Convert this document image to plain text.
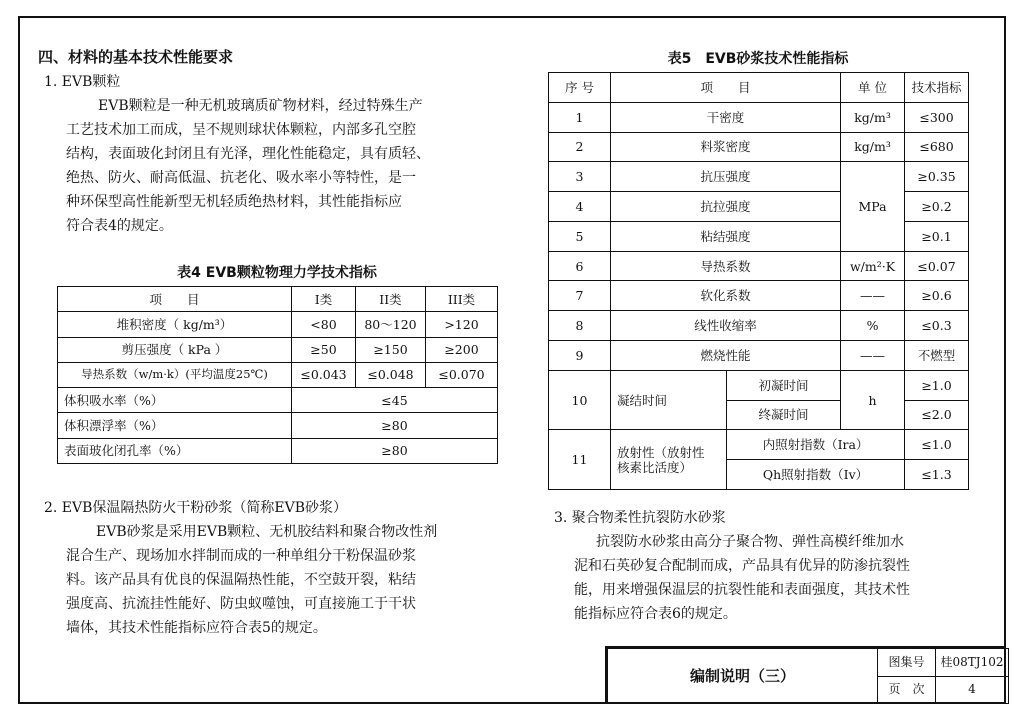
四、材料的基本技术性能要求
1. EVB颗粒
EVB颗粒是一种无机玻璃质矿物材料，经过特殊生产
工艺技术加工而成，呈不规则球状体颗粒，内部多孔空腔
结构，表面玻化封闭且有光泽，理化性能稳定，具有质轻、
绝热、防火、耐高低温、抗老化、吸水率小等特性，是一
种环保型高性能新型无机轻质绝热材料，其性能指标应
符合表4的规定。
表4 EVB颗粒物理力学技术指标
项　　目	I类	II类	III类
堆积密度（ kg/m³）	<80	80～120	>120
剪压强度（ kPa ）	≥50	≥150	≥200
导热系数（w/m·k）(平均温度25℃)	≤0.043	≤0.048	≤0.070
体积吸水率（%）	≤45		
体积漂浮率（%）	≥80		
表面玻化闭孔率（%）	≥80		
2. EVB保温隔热防火干粉砂浆（简称EVB砂浆）
EVB砂浆是采用EVB颗粒、无机胶结料和聚合物改性剂
混合生产、现场加水拌制而成的一种单组分干粉保温砂浆
料。该产品具有优良的保温隔热性能，不空鼓开裂，粘结
强度高、抗流挂性能好、防虫蚁噬蚀，可直接施工于干状
墙体，其技术性能指标应符合表5的规定。
表5　EVB砂浆技术性能指标
序 号	项　　目		单 位	技术指标
1	干密度		kg/m³	≤300
2	料浆密度		kg/m³	≤680
3	抗压强度		MPa	≥0.35
4	抗拉强度			≥0.2
5	粘结强度			≥0.1
6	导热系数		w/m²·K	≤0.07
7	软化系数		——	≥0.6
8	线性收缩率		%	≤0.3
9	燃烧性能		——	不燃型
10	凝结时间	初凝时间	h	≥1.0
		终凝时间		≤2.0
11	放射性（放射性
核素比活度）	内照射指数（Ira）		≤1.0
		Qh照射指数（Iv）		≤1.3
3. 聚合物柔性抗裂防水砂浆
抗裂防水砂浆由高分子聚合物、弹性高模纤维加水
泥和石英砂复合配制而成，产品具有优异的防渗抗裂性
能，用来增强保温层的抗裂性能和表面强度，其技术性
能指标应符合表6的规定。
编制说明（三）	图集号	桂08TJ102
	页　次	4
